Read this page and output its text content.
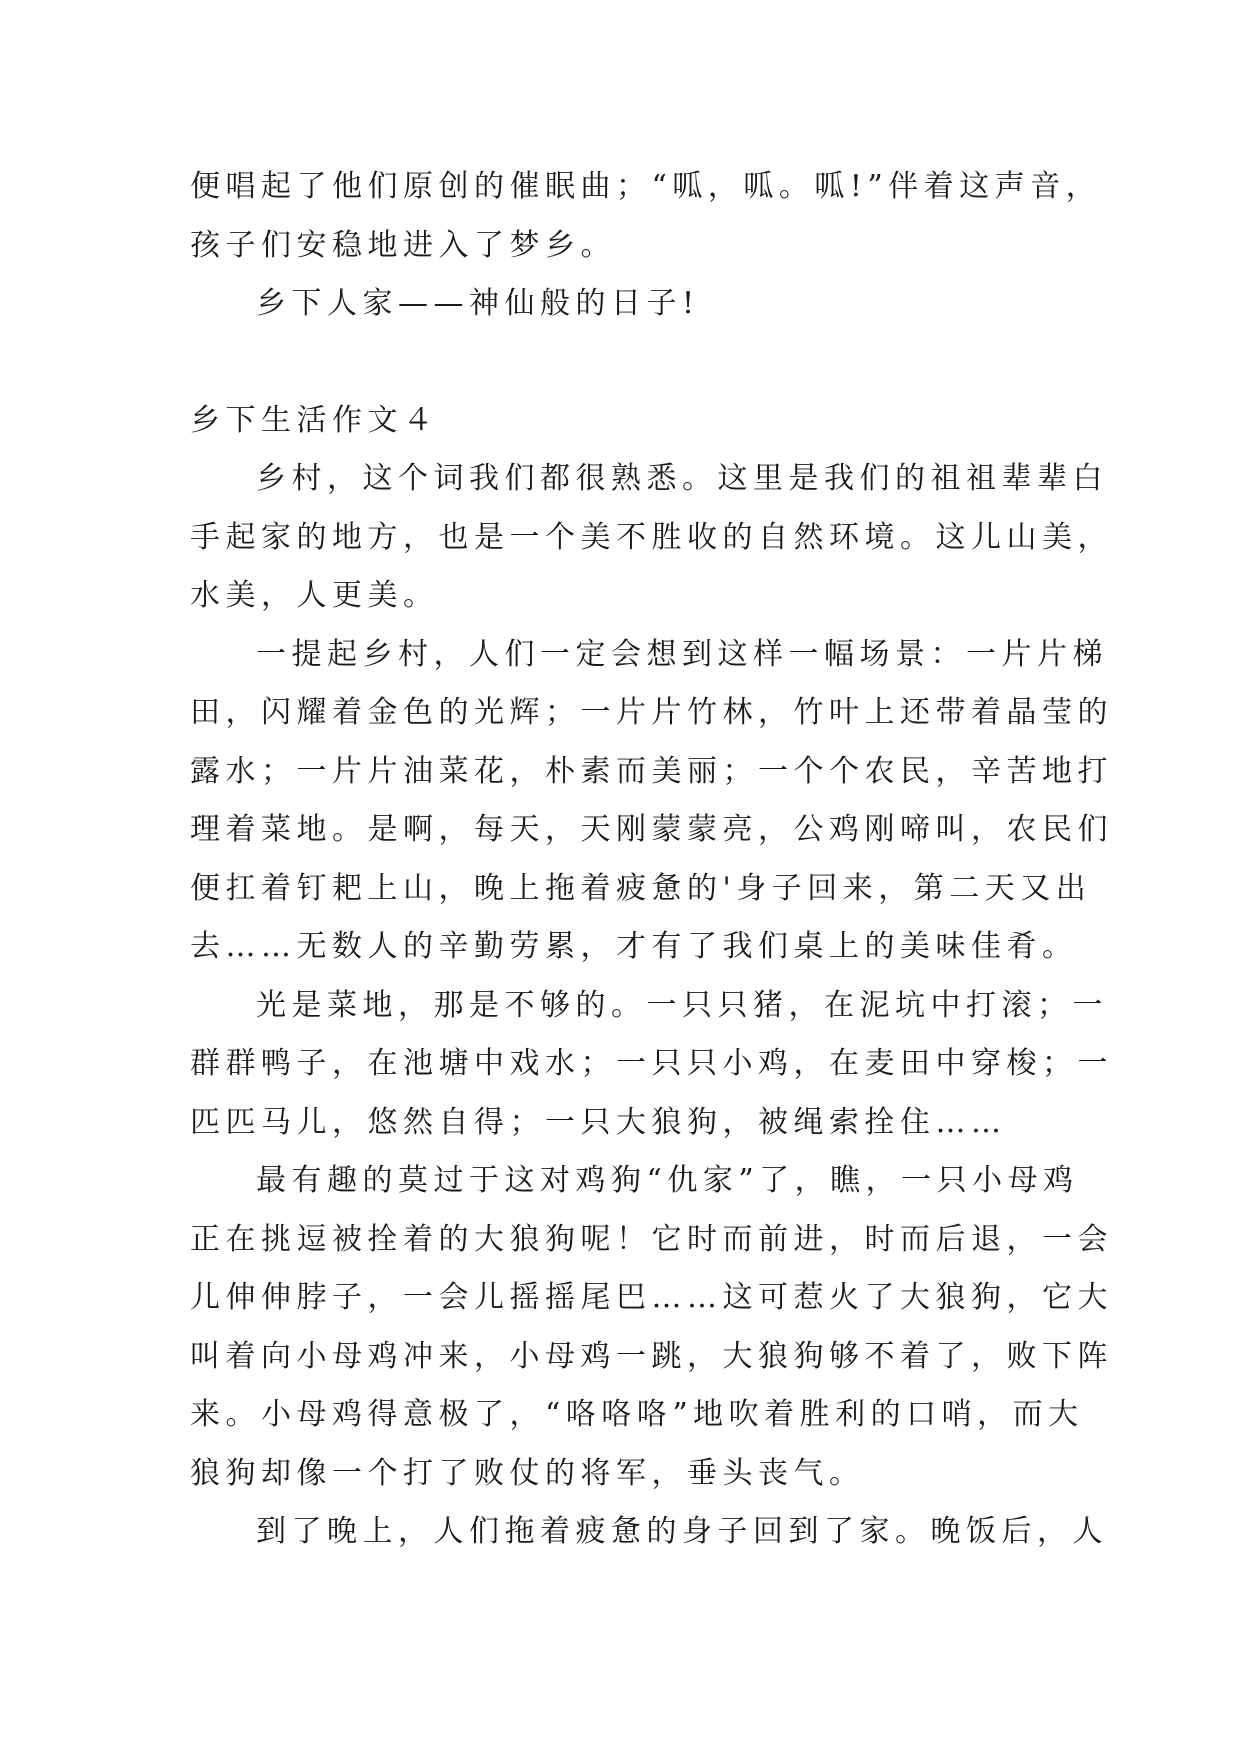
便唱起了他们原创的催眠曲；“呱，呱。呱!”伴着这声音，
孩子们安稳地进入了梦乡。
乡下人家——神仙般的日子!
乡下生活作文４
乡村，这个词我们都很熟悉。这里是我们的祖祖辈辈白
手起家的地方，也是一个美不胜收的自然环境。这儿山美，
水美，人更美。
一提起乡村，人们一定会想到这样一幅场景：一片片梯
田，闪耀着金色的光辉；一片片竹林，竹叶上还带着晶莹的
露水；一片片油菜花，朴素而美丽；一个个农民，辛苦地打
理着菜地。是啊，每天，天刚蒙蒙亮，公鸡刚啼叫，农民们
便扛着钉耙上山，晚上拖着疲惫的'身子回来，第二天又出
去……无数人的辛勤劳累，才有了我们桌上的美味佳肴。
光是菜地，那是不够的。一只只猪，在泥坑中打滚；一
群群鸭子，在池塘中戏水；一只只小鸡，在麦田中穿梭；一
匹匹马儿，悠然自得；一只大狼狗，被绳索拴住……
最有趣的莫过于这对鸡狗“仇家”了，瞧，一只小母鸡
正在挑逗被拴着的大狼狗呢！它时而前进，时而后退，一会
儿伸伸脖子，一会儿摇摇尾巴……这可惹火了大狼狗，它大
叫着向小母鸡冲来，小母鸡一跳，大狼狗够不着了，败下阵
来。小母鸡得意极了，“咯咯咯”地吹着胜利的口哨，而大
狼狗却像一个打了败仗的将军，垂头丧气。
到了晚上，人们拖着疲惫的身子回到了家。晚饭后，人
